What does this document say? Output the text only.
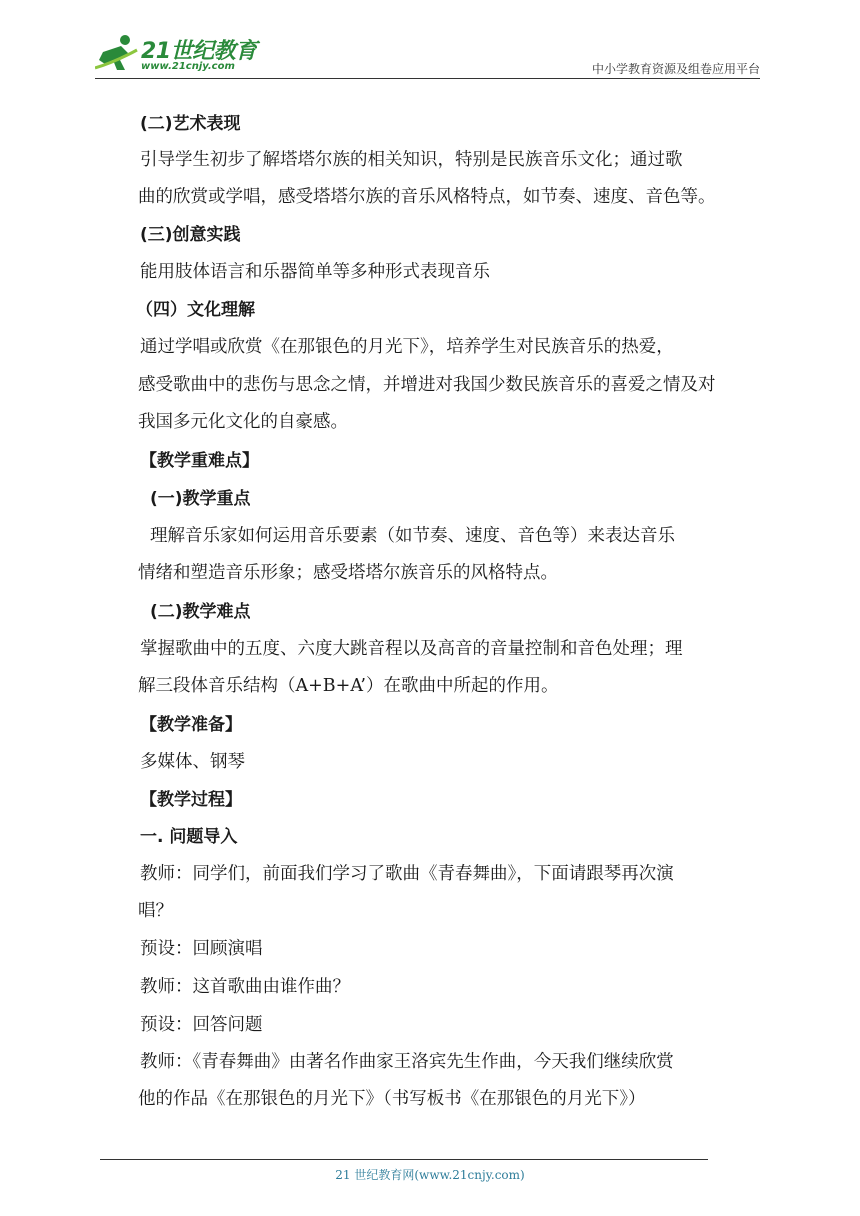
21世纪教育
www.21cnjy.com	中小学教育资源及组卷应用平台
(二)艺术表现
引导学生初步了解塔塔尔族的相关知识，特别是民族音乐文化；通过歌
曲的欣赏或学唱，感受塔塔尔族的音乐风格特点，如节奏、速度、音色等。
(三)创意实践
能用肢体语言和乐器简单等多种形式表现音乐
（四）文化理解
通过学唱或欣赏《在那银色的月光下》，培养学生对民族音乐的热爱，
感受歌曲中的悲伤与思念之情，并增进对我国少数民族音乐的喜爱之情及对
我国多元化文化的自豪感。
【教学重难点】
(一)教学重点
理解音乐家如何运用音乐要素（如节奏、速度、音色等）来表达音乐
情绪和塑造音乐形象；感受塔塔尔族音乐的风格特点。
(二)教学难点
掌握歌曲中的五度、六度大跳音程以及高音的音量控制和音色处理；理
解三段体音乐结构（A+B+A’）在歌曲中所起的作用。
【教学准备】
多媒体、钢琴
【教学过程】
一. 问题导入
教师：同学们，前面我们学习了歌曲《青春舞曲》，下面请跟琴再次演
唱？
预设：回顾演唱
教师：这首歌曲由谁作曲？
预设：回答问题
教师：《青春舞曲》由著名作曲家王洛宾先生作曲，今天我们继续欣赏
他的作品《在那银色的月光下》（书写板书《在那银色的月光下》）
21 世纪教育网(www.21cnjy.com)
